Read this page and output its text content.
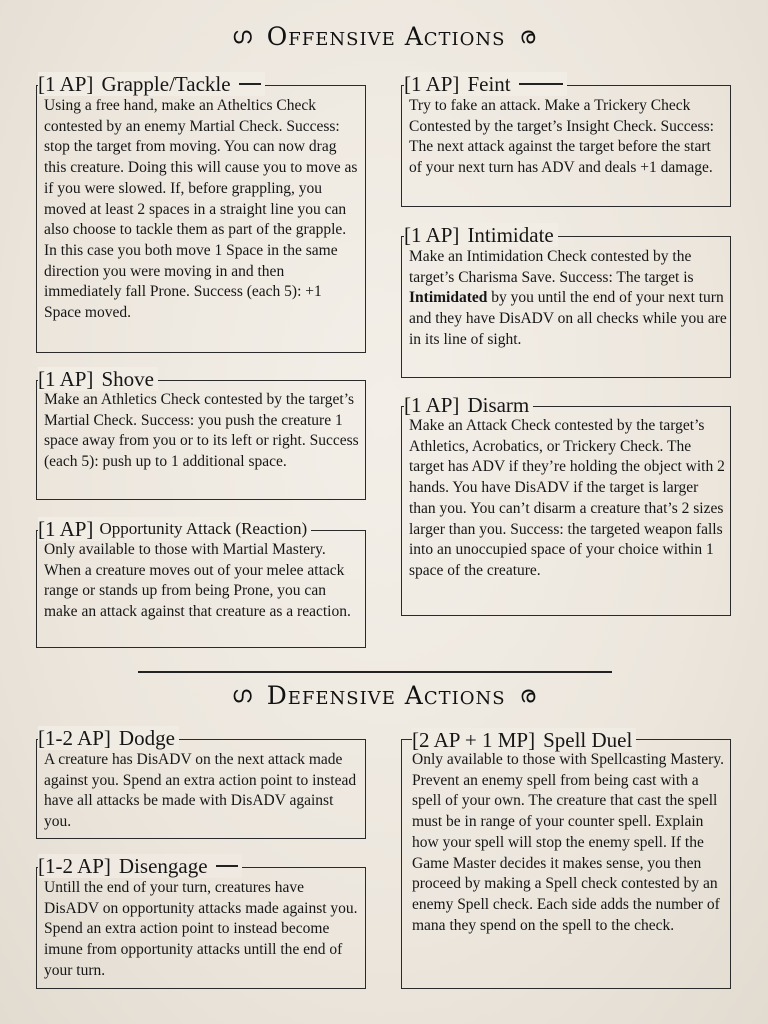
ഗ Offensive Actions ര
[1 AP] Grapple/Tackle
Using a free hand, make an Atheltics Check contested by an enemy Martial Check. Success: stop the target from moving. You can now drag this creature. Doing this will cause you to move as if you were slowed. If, before grappling, you moved at least 2 spaces in a straight line you can also choose to tackle them as part of the grapple. In this case you both move 1 Space in the same direction you were moving in and then immediately fall Prone. Success (each 5): +1 Space moved.
[1 AP] Shove
Make an Athletics Check contested by the target’s Martial Check. Success: you push the creature 1 space away from you or to its left or right. Success (each 5): push up to 1 additional space.
[1 AP] Opportunity Attack (Reaction)
Only available to those with Martial Mastery. When a creature moves out of your melee attack range or stands up from being Prone, you can make an attack against that creature as a reaction.
[1 AP] Feint
Try to fake an attack. Make a Trickery Check Contested by the target’s Insight Check. Success: The next attack against the target before the start of your next turn has ADV and deals +1 damage.
[1 AP] Intimidate
Make an Intimidation Check contested by the target’s Charisma Save. Success: The target is Intimidated by you until the end of your next turn and they have DisADV on all checks while you are in its line of sight.
[1 AP] Disarm
Make an Attack Check contested by the target’s Athletics, Acrobatics, or Trickery Check. The target has ADV if they’re holding the object with 2 hands. You have DisADV if the target is larger than you. You can’t disarm a creature that’s 2 sizes larger than you. Success: the targeted weapon falls into an unoccupied space of your choice within 1 space of the creature.
ഗ Defensive Actions ര
[1-2 AP] Dodge
A creature has DisADV on the next attack made against you. Spend an extra action point to instead have all attacks be made with DisADV against you.
[1-2 AP] Disengage
Untill the end of your turn, creatures have DisADV on opportunity attacks made against you. Spend an extra action point to instead become imune from opportunity attacks untill the end of your turn.
[2 AP + 1 MP] Spell Duel
Only available to those with Spellcasting Mastery. Prevent an enemy spell from being cast with a spell of your own. The creature that cast the spell must be in range of your counter spell. Explain how your spell will stop the enemy spell. If the Game Master decides it makes sense, you then proceed by making a Spell check contested by an enemy Spell check. Each side adds the number of mana they spend on the spell to the check.
